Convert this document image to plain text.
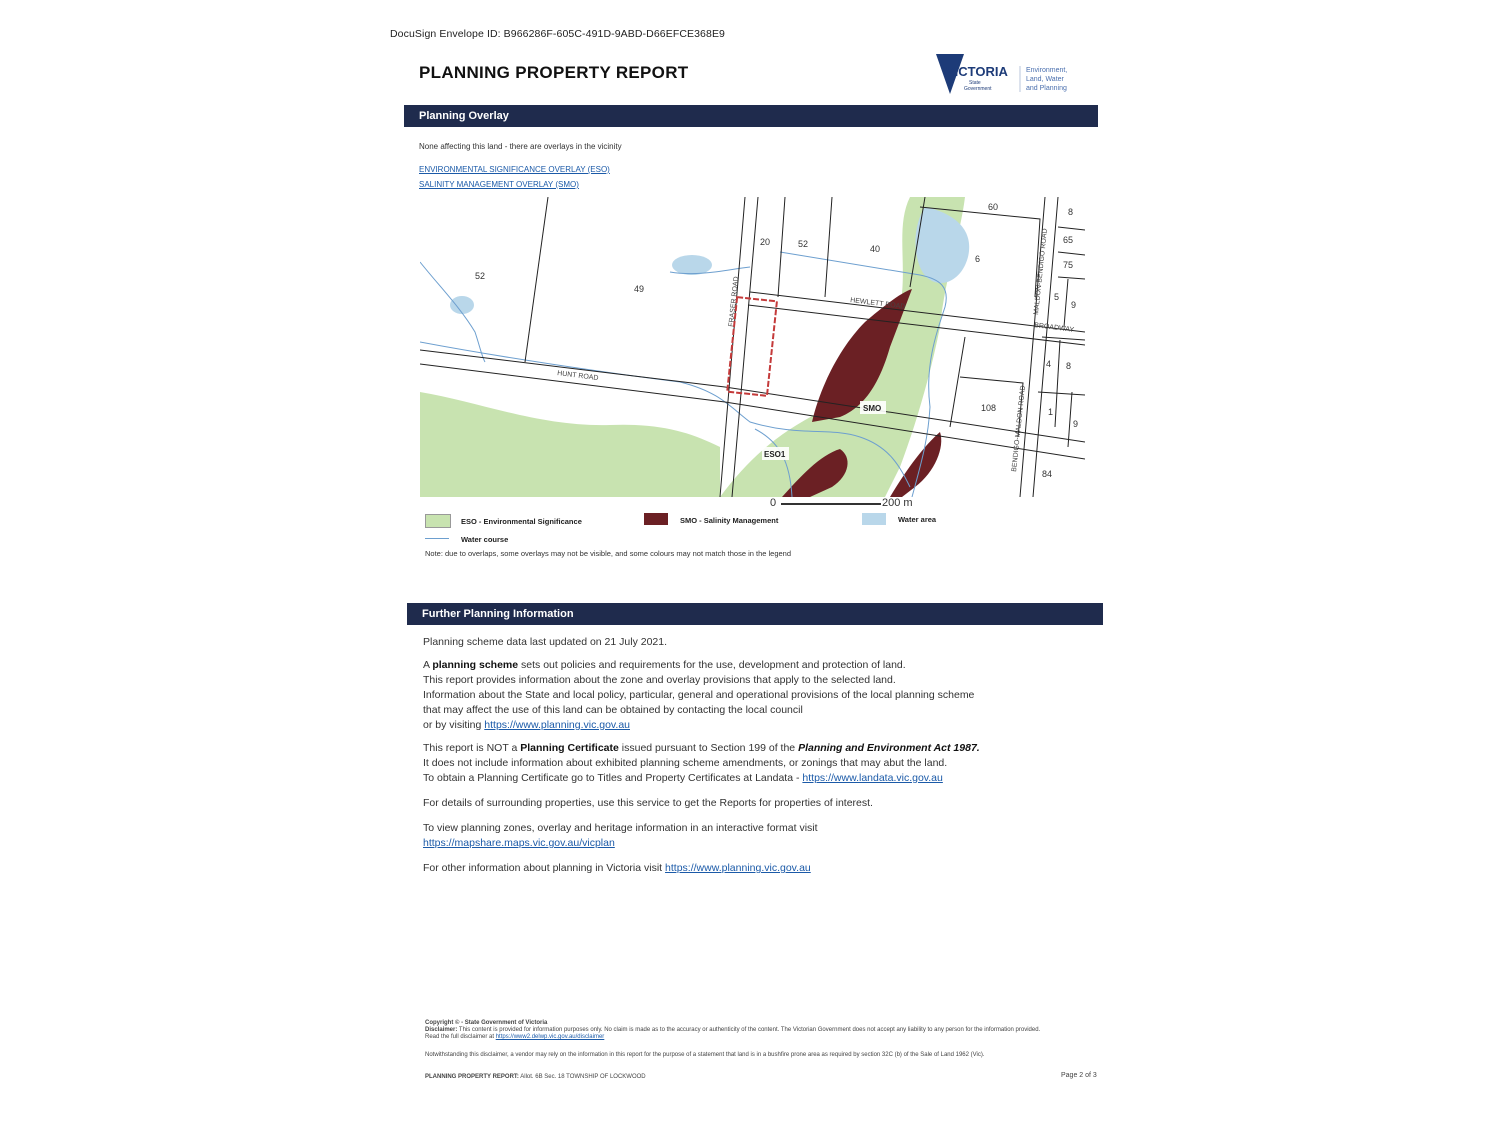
DocuSign Envelope ID: B966286F-605C-491D-9ABD-D66EFCE368E9
PLANNING PROPERTY REPORT	VICTORIA
State
Government
Environment,
Land, Water
and Planning
Planning Overlay
None affecting this land - there are overlays in the vicinity
ENVIRONMENTAL SIGNIFICANCE OVERLAY (ESO)
SALINITY MANAGEMENT OVERLAY (SMO)
52
49
20	52	40
60	8
65
75
6
5
9
4 8
108	1
9
84
HUNT ROAD
FRASER ROAD	HEWLETT ROAD	MALDON-BENDIGO ROAD
BROADWAY
BENDIGO-MALDON ROAD
SMO
ESO1
0	200 m
ESO - Environmental Significance	SMO - Salinity Management	Water area
Water course
Note: due to overlaps, some overlays may not be visible, and some colours may not match those in the legend
Further Planning Information
Planning scheme data last updated on 21 July 2021.
A planning scheme sets out policies and requirements for the use, development and protection of land.
This report provides information about the zone and overlay provisions that apply to the selected land.
Information about the State and local policy, particular, general and operational provisions of the local planning scheme
that may affect the use of this land can be obtained by contacting the local council
or by visiting https://www.planning.vic.gov.au
This report is NOT a Planning Certificate issued pursuant to Section 199 of the Planning and Environment Act 1987.
It does not include information about exhibited planning scheme amendments, or zonings that may abut the land.
To obtain a Planning Certificate go to Titles and Property Certificates at Landata - https://www.landata.vic.gov.au
For details of surrounding properties, use this service to get the Reports for properties of interest.
To view planning zones, overlay and heritage information in an interactive format visit
https://mapshare.maps.vic.gov.au/vicplan
For other information about planning in Victoria visit https://www.planning.vic.gov.au
Copyright © - State Government of Victoria
Disclaimer: This content is provided for information purposes only. No claim is made as to the accuracy or authenticity of the content. The Victorian Government does not accept any liability to any person for the information provided.
Read the full disclaimer at https://www2.delwp.vic.gov.au/disclaimer
Notwithstanding this disclaimer, a vendor may rely on the information in this report for the purpose of a statement that land is in a bushfire prone area as required by section 32C (b) of the Sale of Land 1962 (Vic).
PLANNING PROPERTY REPORT: Allot. 6B Sec. 18 TOWNSHIP OF LOCKWOOD	Page 2 of 3
